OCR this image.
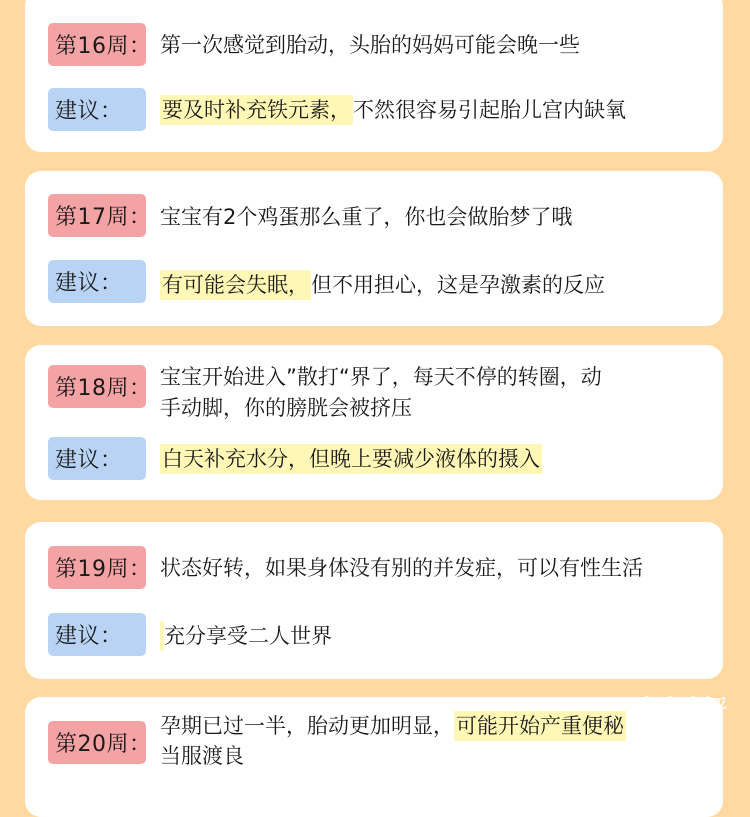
第16周： 第一次感觉到胎动，头胎的妈妈可能会晚一些
建议：	要及时补充铁元素，不然很容易引起胎儿宫内缺氧
第17周： 宝宝有2个鸡蛋那么重了，你也会做胎梦了哦
建议：	有可能会失眠，但不用担心，这是孕激素的反应
第18周： 宝宝开始进入”散打“界了，每天不停的转圈，动
手动脚，你的膀胱会被挤压
建议：	白天补充水分，但晚上要减少液体的摄入
第19周： 状态好转，如果身体没有别的并发症，可以有性生活
建议：	充分享受二人世界
第20周：
孕期已过一半，胎动更加明显，可能开始产重便秘
当服渡良
大众点评
